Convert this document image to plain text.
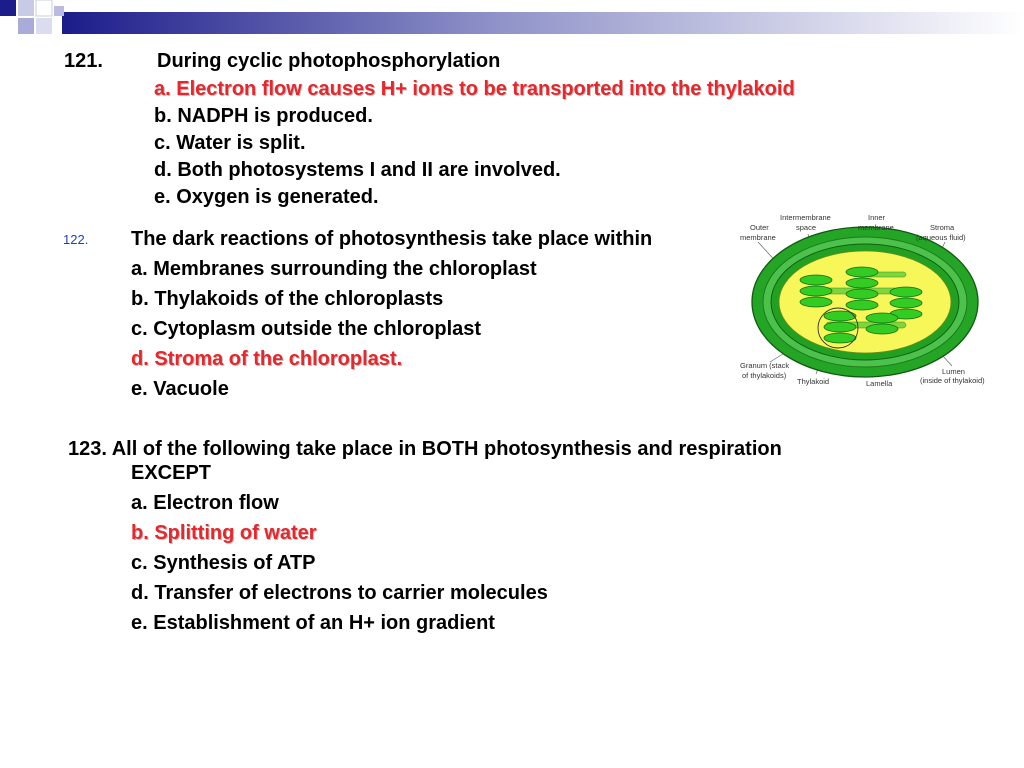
121.	During cyclic photophosphorylation
a. Electron flow causes H+ ions to be transported into the thylakoid
b. NADPH is produced.
c. Water is split.
d. Both photosystems I and II are involved.
e. Oxygen is generated.
122. The dark reactions of photosynthesis take place within
a. Membranes surrounding the chloroplast
b. Thylakoids of the chloroplasts
c. Cytoplasm outside the chloroplast
d. Stroma of the chloroplast.
e. Vacuole
Outer
membrane
Intermembrane
space
Inner
membrane	Stroma
(aqueous fluid)
Granum (stack
of thylakoids)
Thylakoid	Lamella
Lumen
(inside of thylakoid)
123. All of the following take place in BOTH photosynthesis and respiration
EXCEPT
a. Electron flow
b. Splitting of water
c. Synthesis of ATP
d. Transfer of electrons to carrier molecules
e. Establishment of an H+ ion gradient
